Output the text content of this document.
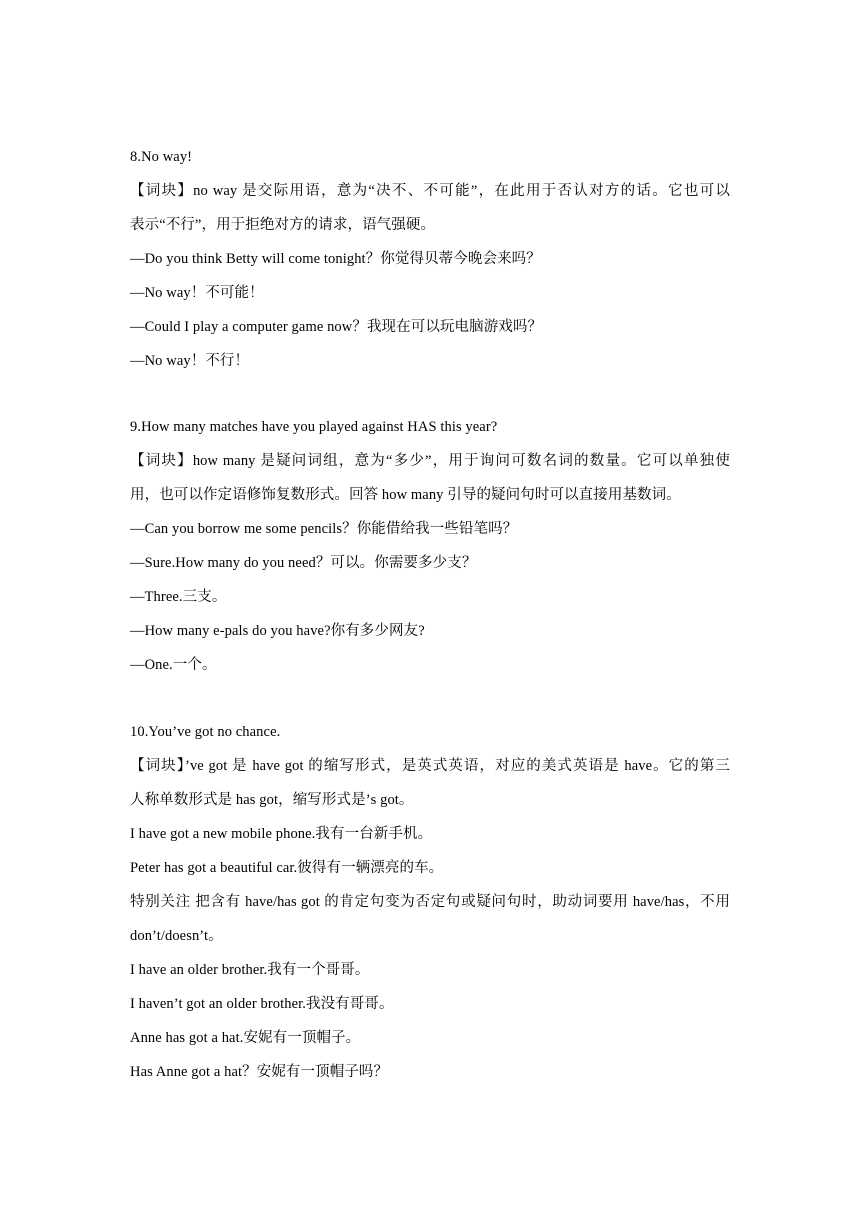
8.No way!
【词块】no way 是交际用语，意为“决不、不可能”，在此用于否认对方的话。它也可以
表示“不行”，用于拒绝对方的请求，语气强硬。
—Do you think Betty will come tonight？你觉得贝蒂今晚会来吗？
—No way！不可能！
—Could I play a computer game now？我现在可以玩电脑游戏吗？
—No way！不行！
9.How many matches have you played against HAS this year?
【词块】how many 是疑问词组，意为“多少”，用于询问可数名词的数量。它可以单独使
用，也可以作定语修饰复数形式。回答 how many 引导的疑问句时可以直接用基数词。
—Can you borrow me some pencils？你能借给我一些铅笔吗？
—Sure.How many do you need？可以。你需要多少支？
—Three.三支。
—How many e-pals do you have?你有多少网友?
—One.一个。
10.You’ve got no chance.
【词块】’ve got 是 have got 的缩写形式，是英式英语，对应的美式英语是 have。它的第三
人称单数形式是 has got，缩写形式是’s got。
I have got a new mobile phone.我有一台新手机。
Peter has got a beautiful car.彼得有一辆漂亮的车。
特别关注 把含有 have/has got 的肯定句变为否定句或疑问句时，助动词要用 have/has，不用
don’t/doesn’t。
I have an older brother.我有一个哥哥。
I haven’t got an older brother.我没有哥哥。
Anne has got a hat.安妮有一顶帽子。
Has Anne got a hat？安妮有一顶帽子吗？
